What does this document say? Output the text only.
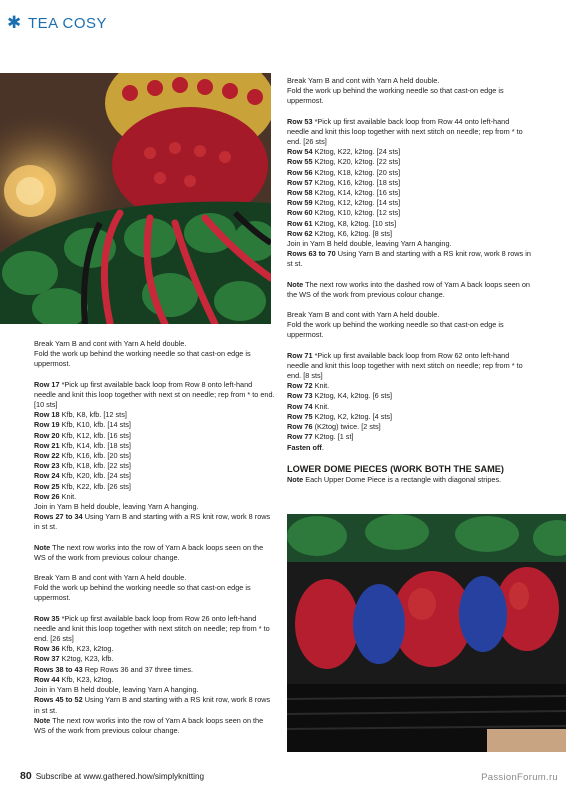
✱ TEA COSY

Break Yarn B and cont with Yarn A held double.

Fold the work up behind the working needle so that cast-on edge is uppermost.

Row 17 *Pick up first available back loop from Row 8 onto left-hand needle and knit this loop together with next st on needle; rep from * to end. [10 sts]

Row 18 Kfb, K8, kfb. [12 sts]

Row 19 Kfb, K10, kfb. [14 sts]

Row 20 Kfb, K12, kfb. [16 sts]

Row 21 Kfb, K14, kfb. [18 sts]

Row 22 Kfb, K16, kfb. [20 sts]

Row 23 Kfb, K18, kfb. [22 sts]

Row 24 Kfb, K20, kfb. [24 sts]

Row 25 Kfb, K22, kfb. [26 sts]

Row 26 Knit.

Join in Yarn B held double, leaving Yarn A hanging.

Rows 27 to 34 Using Yarn B and starting with a RS knit row, work 8 rows in st st.

Note The next row works into the row of Yarn A back loops seen on the WS of the work from previous colour change.

Break Yarn B and cont with Yarn A held double.

Fold the work up behind the working needle so that cast-on edge is uppermost.

Row 35 *Pick up first available back loop from Row 26 onto left-hand needle and knit this loop together with next stitch on needle; rep from * to end. [26 sts]

Row 36 Kfb, K23, k2tog.

Row 37 K2tog, K23, kfb.

Rows 38 to 43 Rep Rows 36 and 37 three times.

Row 44 Kfb, K23, k2tog.

Join in Yarn B held double, leaving Yarn A hanging.

Rows 45 to 52 Using Yarn B and starting with a RS knit row, work 8 rows in st st.

Note The next row works into the row of Yarn A back loops seen on the WS of the work from previous colour change.

Break Yarn B and cont with Yarn A held double.

Fold the work up behind the working needle so that cast-on edge is uppermost.

Row 53 *Pick up first available back loop from Row 44 onto left-hand needle and knit this loop together with next stitch on needle; rep from * to end. [26 sts]

Row 54 K2tog, K22, k2tog. [24 sts]

Row 55 K2tog, K20, k2tog. [22 sts]

Row 56 K2tog, K18, k2tog. [20 sts]

Row 57 K2tog, K16, k2tog. [18 sts]

Row 58 K2tog, K14, k2tog. [16 sts]

Row 59 K2tog, K12, k2tog. [14 sts]

Row 60 K2tog, K10, k2tog. [12 sts]

Row 61 K2tog, K8, k2tog. [10 sts]

Row 62 K2tog, K6, k2tog. [8 sts]

Join in Yarn B held double, leaving Yarn A hanging.

Rows 63 to 70 Using Yarn B and starting with a RS knit row, work 8 rows in st st.

Note The next row works into the dashed row of Yarn A back loops seen on the WS of the work from previous colour change.

Break Yarn B and cont with Yarn A held double.

Fold the work up behind the working needle so that cast-on edge is uppermost.

Row 71 *Pick up first available back loop from Row 62 onto left-hand needle and knit this loop together with next stitch on needle; rep from * to end. [8 sts]

Row 72 Knit.

Row 73 K2tog, K4, k2tog. [6 sts]

Row 74 Knit.

Row 75 K2tog, K2, k2tog. [4 sts]

Row 76 (K2tog) twice. [2 sts]

Row 77 K2tog. [1 st]

Fasten off.

LOWER DOME PIECES (WORK BOTH THE SAME)

Note Each Upper Dome Piece is a rectangle with diagonal stripes.

80 Subscribe at www.gathered.how/simplyknitting	PassionForum.ru
